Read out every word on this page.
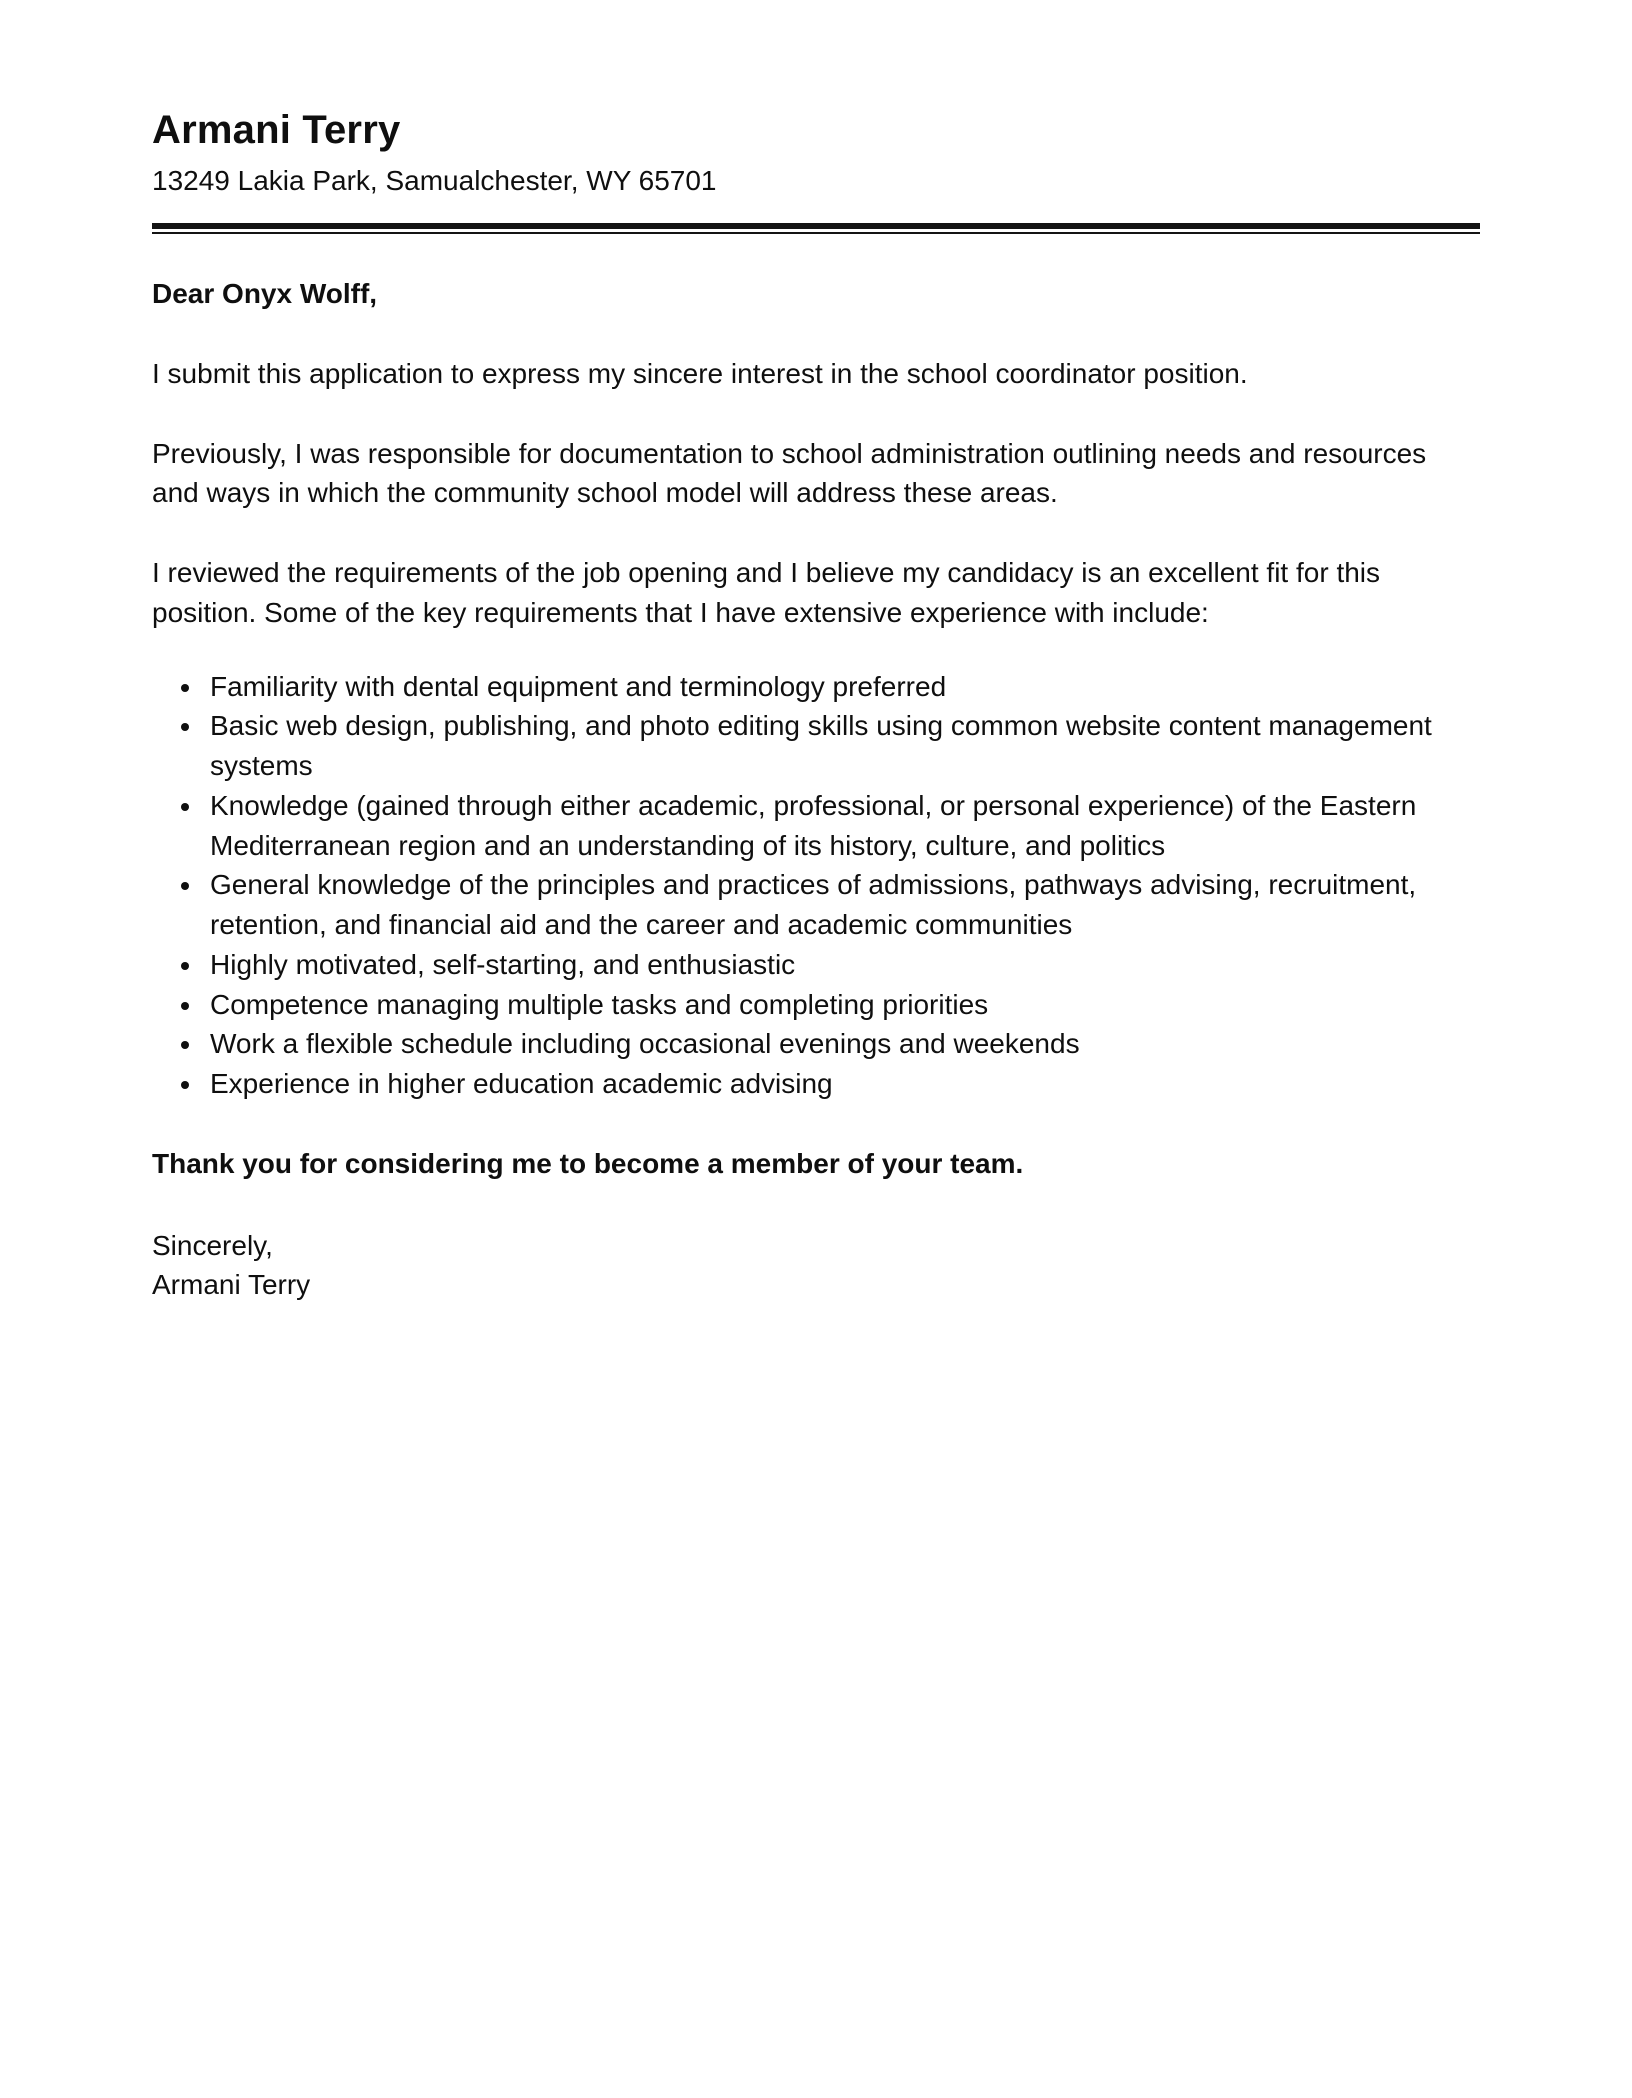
Armani Terry
13249 Lakia Park, Samualchester, WY 65701

Dear Onyx Wolff,

I submit this application to express my sincere interest in the school coordinator position.

Previously, I was responsible for documentation to school administration outlining needs and resources and ways in which the community school model will address these areas.

I reviewed the requirements of the job opening and I believe my candidacy is an excellent fit for this position. Some of the key requirements that I have extensive experience with include:

• Familiarity with dental equipment and terminology preferred
• Basic web design, publishing, and photo editing skills using common website content management systems
• Knowledge (gained through either academic, professional, or personal experience) of the Eastern Mediterranean region and an understanding of its history, culture, and politics
• General knowledge of the principles and practices of admissions, pathways advising, recruitment, retention, and financial aid and the career and academic communities
• Highly motivated, self-starting, and enthusiastic
• Competence managing multiple tasks and completing priorities
• Work a flexible schedule including occasional evenings and weekends
• Experience in higher education academic advising

Thank you for considering me to become a member of your team.

Sincerely,
Armani Terry
